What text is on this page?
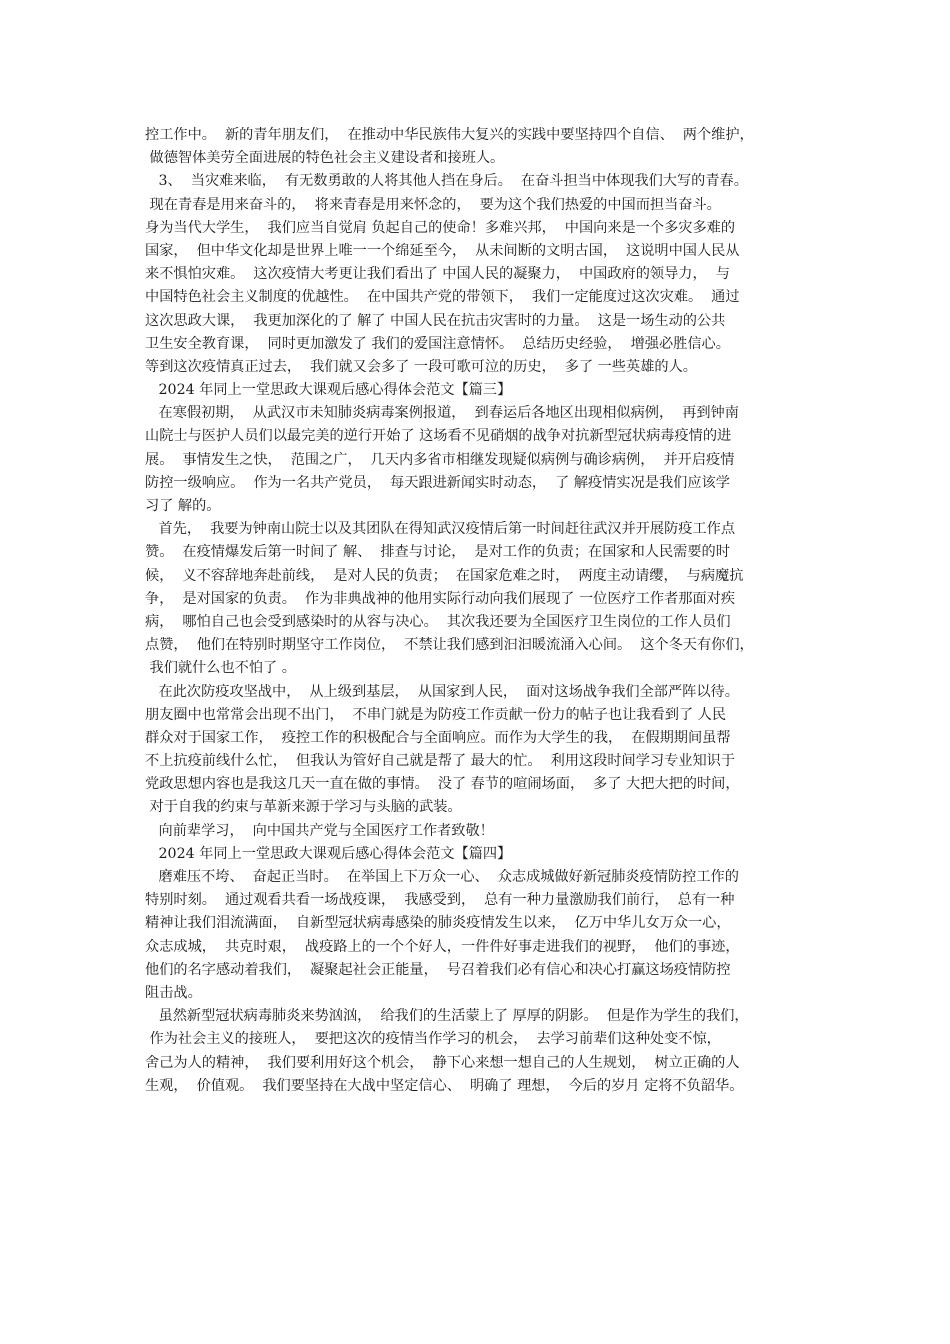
控工作中。  新的青年朋友们，  在推动中华民族伟大复兴的实践中要坚持四个自信、  两个维护，
做德智体美劳全面进展的特色社会主义建设者和接班人。
3、  当灾难来临，  有无数勇敢的人将其他人挡在身后。  在奋斗担当中体现我们大写的青春。
现在青春是用来奋斗的，  将来青春是用来怀念的，  要为这个我们热爱的中国而担当奋斗。
身为当代大学生，  我们应当自觉肩 负起自己的使命！多难兴邦，  中国向来是一个多灾多难的
国家，  但中华文化却是世界上唯一一个绵延至今，  从未间断的文明古国，  这说明中国人民从
来不惧怕灾难。  这次疫情大考更让我们看出了 中国人民的凝聚力，  中国政府的领导力，  与
中国特色社会主义制度的优越性。  在中国共产党的带领下，  我们一定能度过这次灾难。  通过
这次思政大课，  我更加深化的了 解了 中国人民在抗击灾害时的力量。  这是一场生动的公共
卫生安全教育课，  同时更加激发了 我们的爱国注意情怀。  总结历史经验，  增强必胜信心。
等到这次疫情真正过去，  我们就又会多了 一段可歌可泣的历史，  多了 一些英雄的人。
2024 年同上一堂思政大课观后感心得体会范文【篇三】
在寒假初期，  从武汉市未知肺炎病毒案例报道，  到春运后各地区出现相似病例，  再到钟南
山院士与医护人员们以最完美的逆行开始了 这场看不见硝烟的战争对抗新型冠状病毒疫情的进
展。  事情发生之快，  范围之广，  几天内多省市相继发现疑似病例与确诊病例，  并开启疫情
防控一级响应。  作为一名共产党员，  每天跟进新闻实时动态，  了 解疫情实况是我们应该学
习了 解的。
首先，  我要为钟南山院士以及其团队在得知武汉疫情后第一时间赶往武汉并开展防疫工作点
赞。  在疫情爆发后第一时间了 解、  排查与讨论，  是对工作的负责；在国家和人民需要的时
候，  义不容辞地奔赴前线，  是对人民的负责；  在国家危难之时，  两度主动请缨，  与病魔抗
争，  是对国家的负责。  作为非典战神的他用实际行动向我们展现了 一位医疗工作者那面对疾
病，  哪怕自己也会受到感染时的从容与决心。  其次我还要为全国医疗卫生岗位的工作人员们
点赞，  他们在特别时期坚守工作岗位，  不禁让我们感到汩汩暖流涌入心间。  这个冬天有你们，
我们就什么也不怕了 。
在此次防疫攻坚战中，  从上级到基层，  从国家到人民，  面对这场战争我们全部严阵以待。
朋友圈中也常常会出现不出门，  不串门就是为防疫工作贡献一份力的帖子也让我看到了 人民
群众对于国家工作，  疫控工作的积极配合与全面响应。而作为大学生的我，  在假期期间虽帮
不上抗疫前线什么忙，  但我认为管好自己就是帮了 最大的忙。  利用这段时间学习专业知识于
党政思想内容也是我这几天一直在做的事情。  没了 春节的喧闹场面，  多了 大把大把的时间，
对于自我的约束与革新来源于学习与头脑的武装。
向前辈学习，  向中国共产党与全国医疗工作者致敬！
2024 年同上一堂思政大课观后感心得体会范文【篇四】
磨难压不垮、  奋起正当时。  在举国上下万众一心、  众志成城做好新冠肺炎疫情防控工作的
特别时刻。  通过观看共看一场战疫课，  我感受到，  总有一种力量激励我们前行，  总有一种
精神让我们泪流满面，  自新型冠状病毒感染的肺炎疫情发生以来，  亿万中华儿女万众一心，
众志成城，  共克时艰，  战疫路上的一个个好人，一件件好事走进我们的视野，  他们的事迹，
他们的名字感动着我们，  凝聚起社会正能量，  号召着我们必有信心和决心打赢这场疫情防控
阻击战。
虽然新型冠状病毒肺炎来势汹汹，  给我们的生活蒙上了 厚厚的阴影。  但是作为学生的我们，
作为社会主义的接班人，  要把这次的疫情当作学习的机会，  去学习前辈们这种处变不惊，
舍己为人的精神，  我们要利用好这个机会，  静下心来想一想自己的人生规划，  树立正确的人
生观，  价值观。  我们要坚持在大战中坚定信心、  明确了 理想，  今后的岁月 定将不负韶华。
